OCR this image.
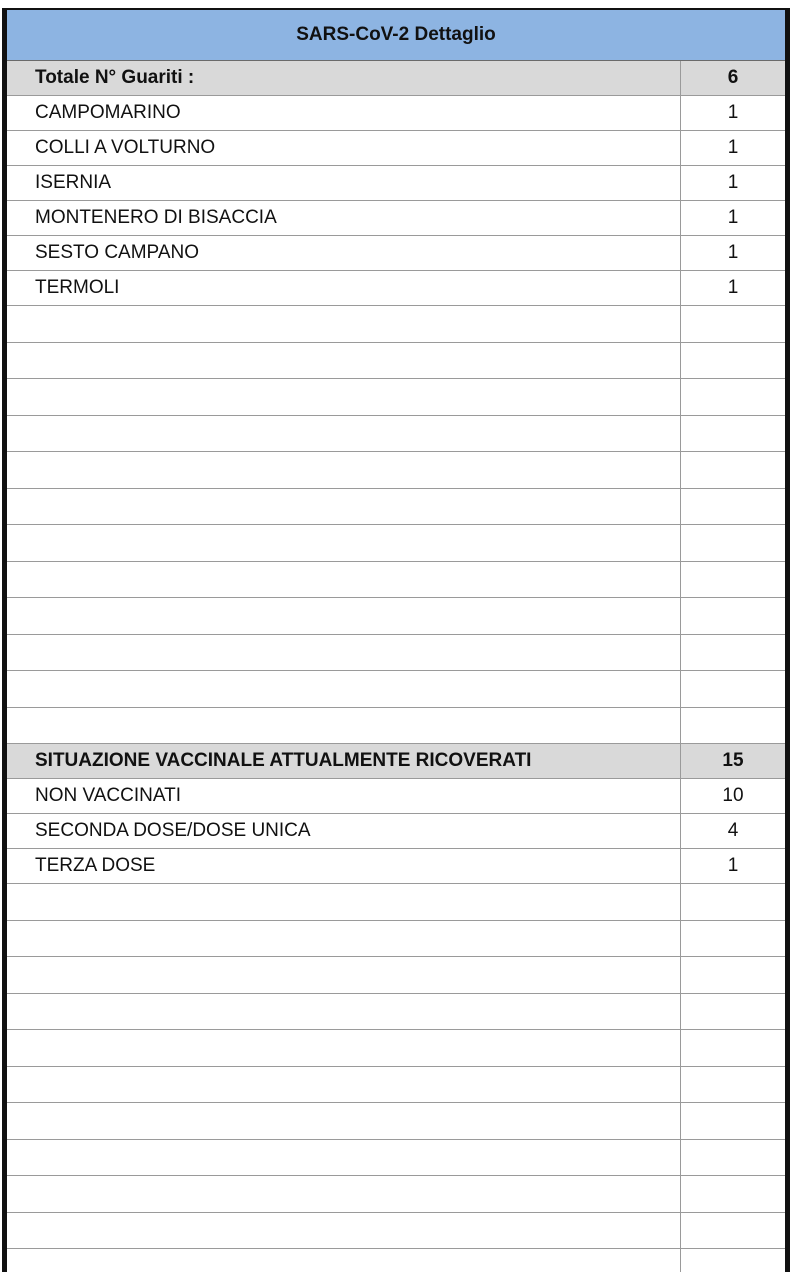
SARS-CoV-2 Dettaglio
Totale N° Guariti :	6
CAMPOMARINO	1
COLLI A VOLTURNO	1
ISERNIA	1
MONTENERO DI BISACCIA	1
SESTO CAMPANO	1
TERMOLI	1
SITUAZIONE VACCINALE ATTUALMENTE RICOVERATI	15
NON VACCINATI	10
SECONDA DOSE/DOSE UNICA	4
TERZA DOSE	1
